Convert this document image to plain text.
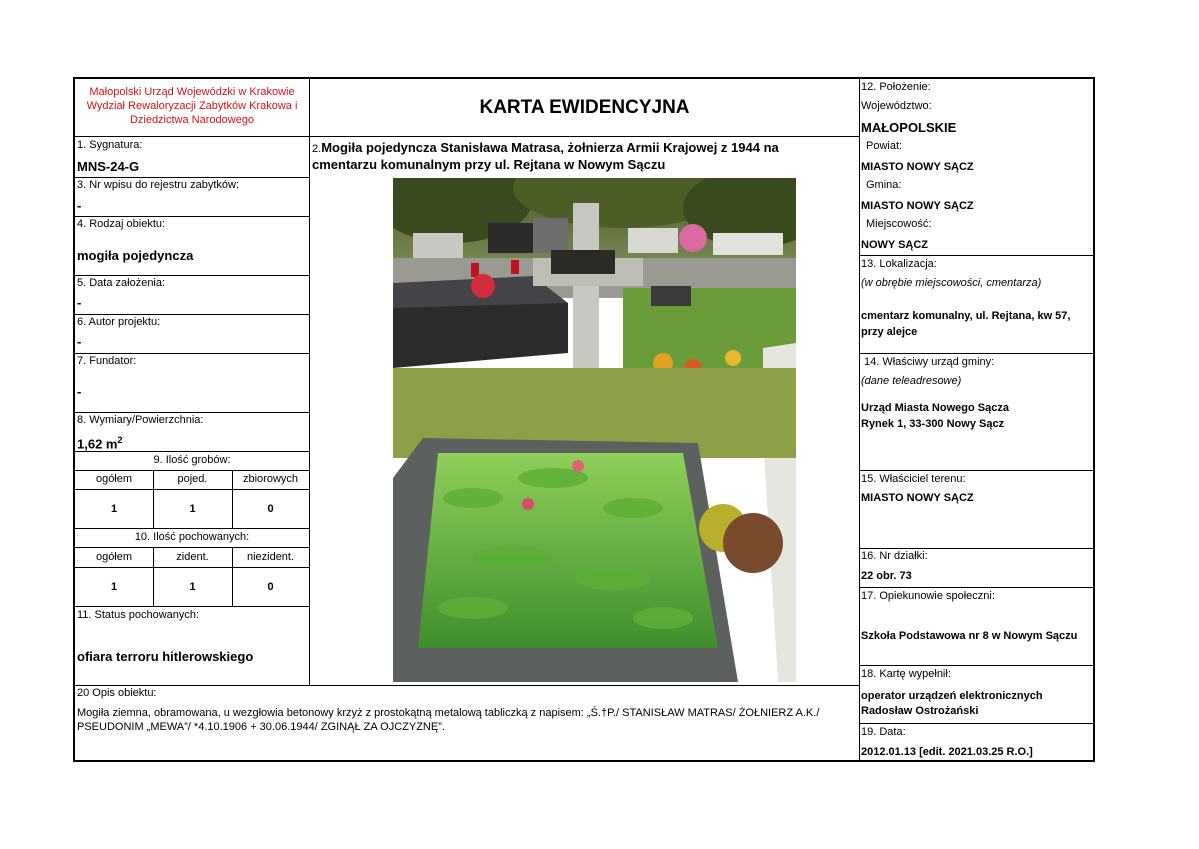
Małopolski Urząd Wojewódzki w Krakowie
Wydział Rewaloryzacji Zabytków Krakowa i
Dziedzictwa Narodowego
KARTA EWIDENCYJNA
1. Sygnatura:
MNS-24-G
2.Mogiła pojedyncza Stanisława Matrasa, żołnierza Armii Krajowej z 1944 na
cmentarzu komunalnym przy ul. Rejtana w Nowym Sączu
3. Nr wpisu do rejestru zabytków:
-
4. Rodzaj obiektu:
mogiła pojedyncza
5. Data założenia:
-
6. Autor projektu:
-
7. Fundator:
-
8. Wymiary/Powierzchnia:
1,62 $m^2$
9. Ilość grobów:
ogółem	pojed.	zbiorowych
1	1	0
10. Ilość pochowanych:
ogółem	zident.	niezident.
1	1	0
11. Status pochowanych:
ofiara terroru hitlerowskiego
20 Opis obiektu:
Mogiła ziemna, obramowana, u wezgłowia betonowy krzyż z prostokątną metalową tabliczką z napisem: „Ś.†P./ STANISŁAW MATRAS/ ŻOŁNIERZ A.K./
PSEUDONIM „MEWA”/ *4.10.1906 + 30.06.1944/ ZGINĄŁ ZA OJCZYZNĘ”.
12. Położenie:
Województwo:
MAŁOPOLSKIE
Powiat:
MIASTO NOWY SĄCZ
Gmina:
MIASTO NOWY SĄCZ
Miejscowość:
NOWY SĄCZ
13. Lokalizacja:
(w obrębie miejscowości, cmentarza)
cmentarz komunalny, ul. Rejtana, kw 57,
przy alejce
14. Właściwy urząd gminy:
(dane teleadresowe)
Urząd Miasta Nowego Sącza
Rynek 1, 33-300 Nowy Sącz
15. Właściciel terenu:
MIASTO NOWY SĄCZ
16. Nr działki:
22 obr. 73
17. Opiekunowie społeczni:
Szkoła Podstawowa nr 8 w Nowym Sączu
18. Kartę wypełnił:
operator urządzeń elektronicznych
Radosław Ostrożański
19. Data:
2012.01.13 [edit. 2021.03.25 R.O.]
